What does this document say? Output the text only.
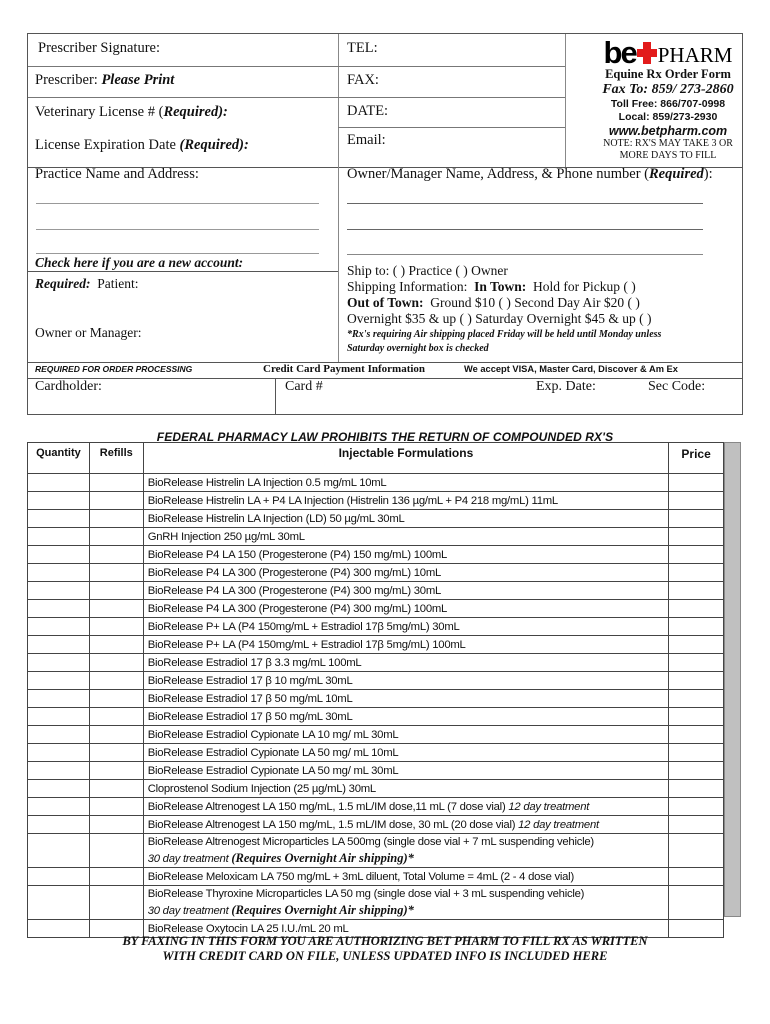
Prescriber Signature:
Prescriber: Please Print
Veterinary License # (Required):
License Expiration Date (Required):
TEL:
FAX:
DATE:
Email:
be PHARM
Equine Rx Order Form
Fax To: 859/ 273-2860
Toll Free: 866/707-0998
Local: 859/273-2930
www.betpharm.com
NOTE: RX'S MAY TAKE 3 OR
MORE DAYS TO FILL
Practice Name and Address:
Check here if you are a new account:
Required: Patient:
Owner or Manager:
Owner/Manager Name, Address, & Phone number (Required):
Ship to: ( ) Practice ( ) Owner
Shipping Information: In Town: Hold for Pickup ( )
Out of Town: Ground $10 ( ) Second Day Air $20 ( )
Overnight $35 & up ( ) Saturday Overnight $45 & up ( )
*Rx's requiring Air shipping placed Friday will be held until Monday unless
Saturday overnight box is checked
REQUIRED FOR ORDER PROCESSING	Credit Card Payment Information	We accept VISA, Master Card, Discover & Am Ex
Cardholder:	Card #	Exp. Date:	Sec Code:
FEDERAL PHARMACY LAW PROHIBITS THE RETURN OF COMPOUNDED RX'S
Quantity	Refills	Injectable Formulations	Price
		BioRelease Histrelin LA Injection 0.5 mg/mL 10mL	
		BioRelease Histrelin LA + P4 LA Injection (Histrelin 136 µg/mL + P4 218 mg/mL) 11mL	
		BioRelease Histrelin LA Injection (LD) 50 µg/mL 30mL	
		GnRH Injection 250 µg/mL 30mL	
		BioRelease P4 LA 150 (Progesterone (P4) 150 mg/mL) 100mL	
		BioRelease P4 LA 300 (Progesterone (P4) 300 mg/mL) 10mL	
		BioRelease P4 LA 300 (Progesterone (P4) 300 mg/mL) 30mL	
		BioRelease P4 LA 300 (Progesterone (P4) 300 mg/mL) 100mL	
		BioRelease P+ LA (P4 150mg/mL + Estradiol 17β 5mg/mL) 30mL	
		BioRelease P+ LA (P4 150mg/mL + Estradiol 17β 5mg/mL) 100mL	
		BioRelease Estradiol 17 β 3.3 mg/mL 100mL	
		BioRelease Estradiol 17 β 10 mg/mL 30mL	
		BioRelease Estradiol 17 β 50 mg/mL 10mL	
		BioRelease Estradiol 17 β 50 mg/mL 30mL	
		BioRelease Estradiol Cypionate LA 10 mg/ mL 30mL	
		BioRelease Estradiol Cypionate LA 50 mg/ mL 10mL	
		BioRelease Estradiol Cypionate LA 50 mg/ mL 30mL	
		Cloprostenol Sodium Injection (25 µg/mL) 30mL	
		BioRelease Altrenogest LA 150 mg/mL, 1.5 mL/IM dose,11 mL (7 dose vial) 12 day treatment	
		BioRelease Altrenogest LA 150 mg/mL, 1.5 mL/IM dose, 30 mL (20 dose vial) 12 day treatment	
		BioRelease Altrenogest Microparticles LA 500mg (single dose vial + 7 mL suspending vehicle)
30 day treatment (Requires Overnight Air shipping)*	
		BioRelease Meloxicam LA 750 mg/mL + 3mL diluent, Total Volume = 4mL (2 - 4 dose vial)	
		BioRelease Thyroxine Microparticles LA 50 mg (single dose vial + 3 mL suspending vehicle)
30 day treatment (Requires Overnight Air shipping)*	
		BioRelease Oxytocin LA 25 I.U./mL 20 mL	
BY FAXING IN THIS FORM YOU ARE AUTHORIZING BET PHARM TO FILL RX AS WRITTEN
WITH CREDIT CARD ON FILE, UNLESS UPDATED INFO IS INCLUDED HERE
